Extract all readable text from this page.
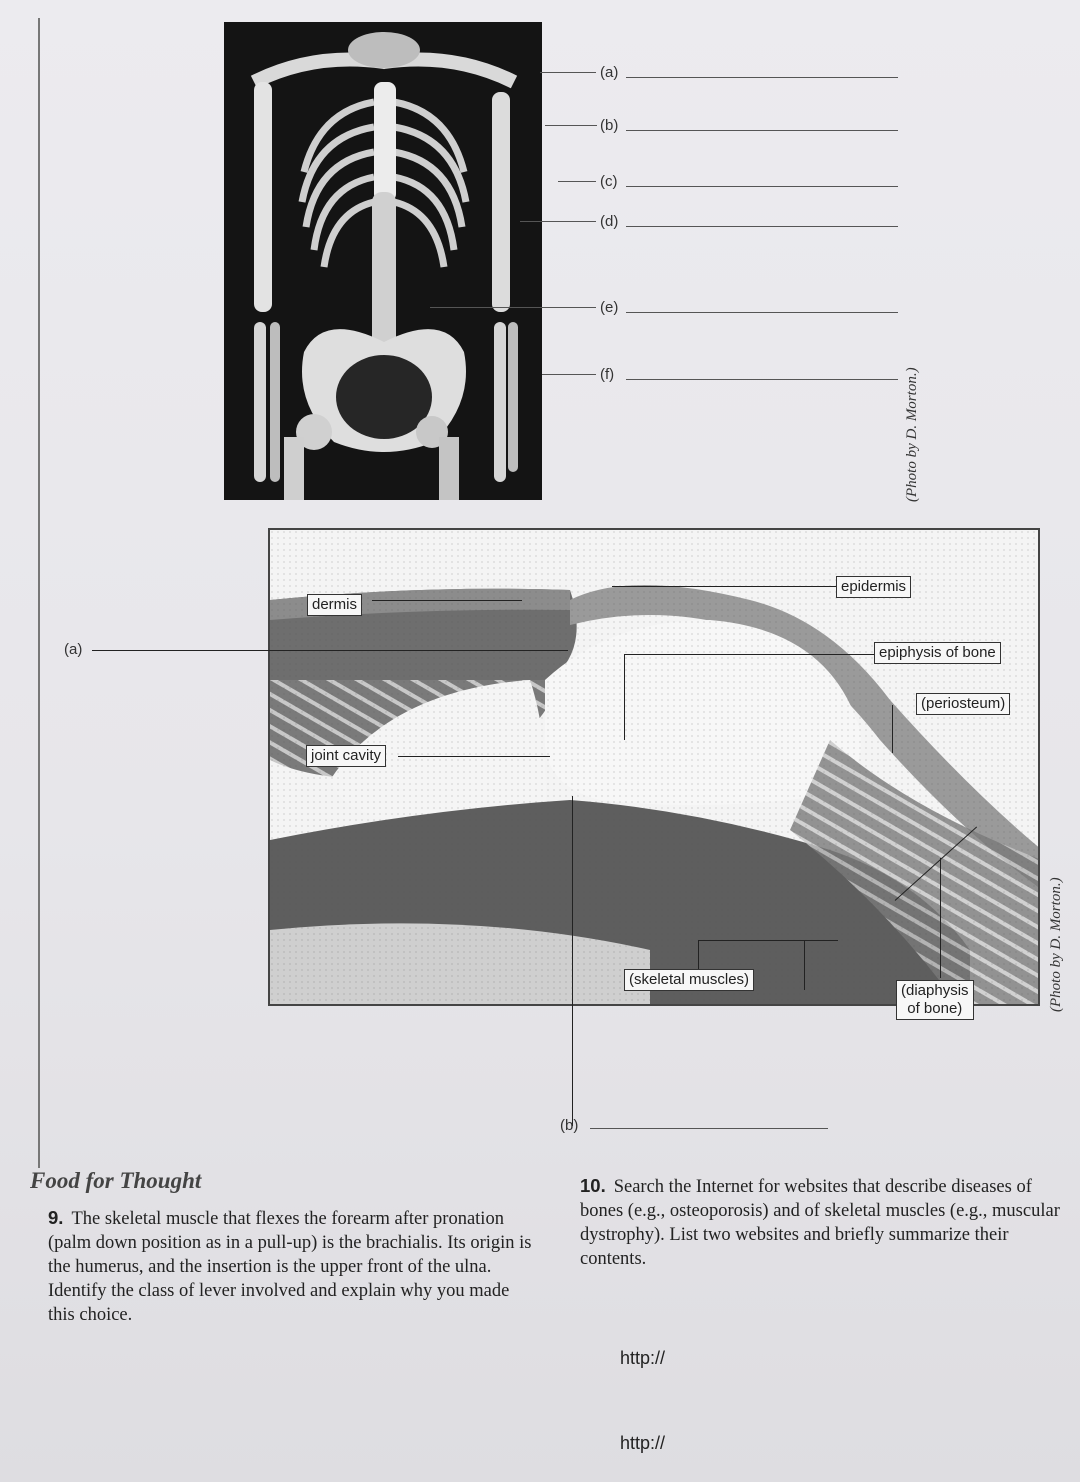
(a)
(b)
(c)
(d)
(e)
(f)	(Photo by D. Morton.)
(a)
dermis
epidermis
epiphysis of bone
(periosteum)
joint cavity
(skeletal muscles)
(diaphysis
of bone)	(Photo by D. Morton.)
(b)
Food for Thought
9. The skeletal muscle that flexes the forearm after pronation (palm down position as in a pull-up) is the brachialis. Its origin is the humerus, and the insertion is the upper front of the ulna. Identify the class of lever involved and explain why you made this choice.
10. Search the Internet for websites that describe diseases of bones (e.g., osteoporosis) and of skeletal muscles (e.g., muscular dystrophy). List two websites and briefly summarize their contents.
http://
http://
